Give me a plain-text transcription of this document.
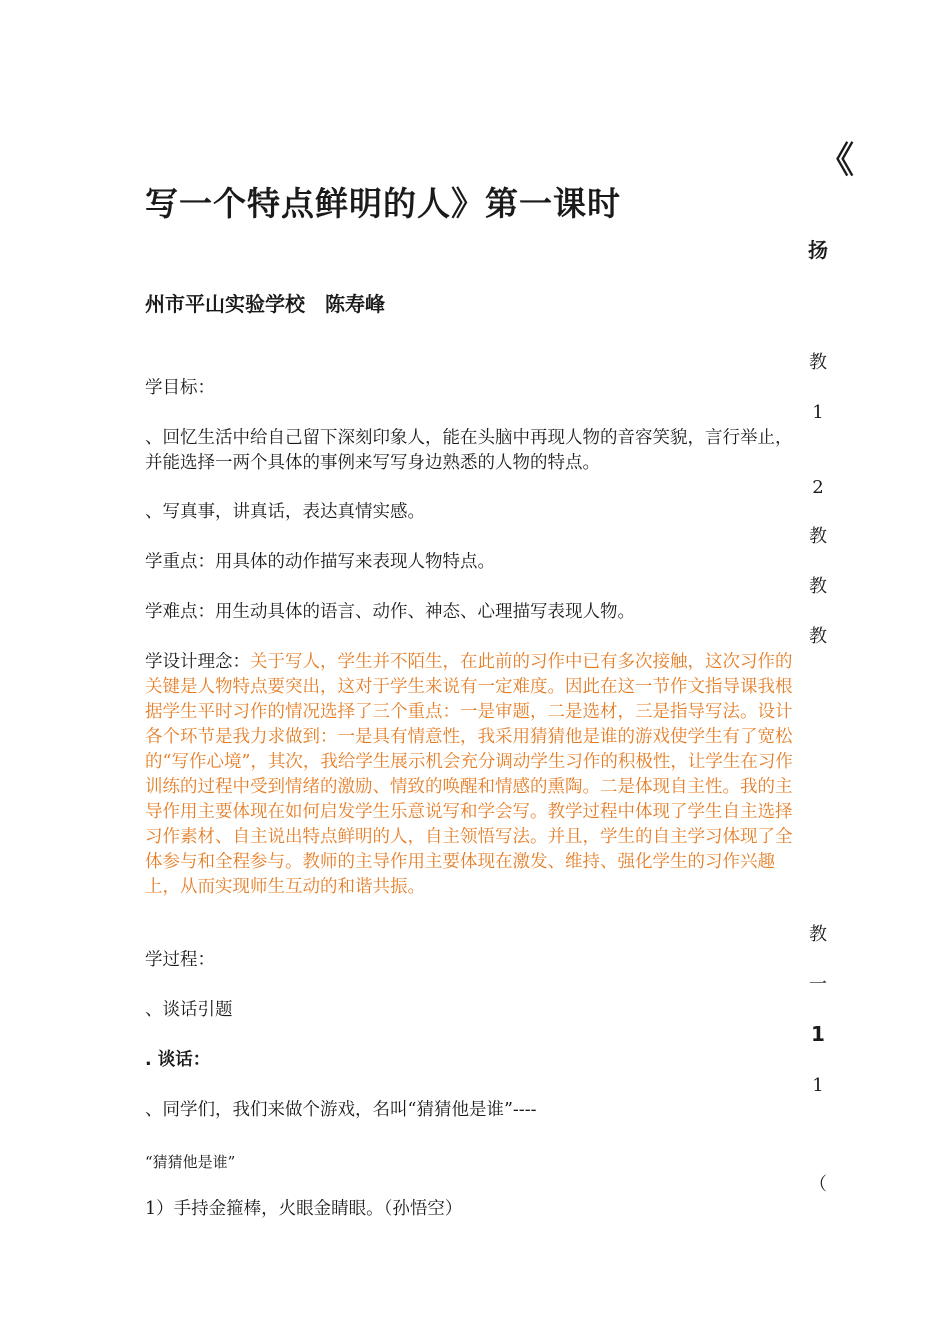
《
写一个特点鲜明的人》第一课时
州市平山实验学校　陈寿峰
扬
教
1
2
教
教
教
教
一
1
1
（
学目标：
、回忆生活中给自己留下深刻印象人，能在头脑中再现人物的音容笑貌，言行举止，并能选择一两个具体的事例来写写身边熟悉的人物的特点。
、写真事，讲真话，表达真情实感。
学重点：用具体的动作描写来表现人物特点。
学难点：用生动具体的语言、动作、神态、心理描写表现人物。
学设计理念：关于写人，学生并不陌生，在此前的习作中已有多次接触，这次习作的关键是人物特点要突出，这对于学生来说有一定难度。因此在这一节作文指导课我根据学生平时习作的情况选择了三个重点：一是审题，二是选材，三是指导写法。设计各个环节是我力求做到：一是具有情意性，我采用猜猜他是谁的游戏使学生有了宽松的“写作心境”，其次，我给学生展示机会充分调动学生习作的积极性，让学生在习作训练的过程中受到情绪的激励、情致的唤醒和情感的熏陶。二是体现自主性。我的主导作用主要体现在如何启发学生乐意说写和学会写。教学过程中体现了学生自主选择习作素材、自主说出特点鲜明的人，自主领悟写法。并且，学生的自主学习体现了全体参与和全程参与。教师的主导作用主要体现在激发、维持、强化学生的习作兴趣上，从而实现师生互动的和谐共振。
学过程：
、谈话引题
. 谈话：
、同学们，我们来做个游戏，名叫“猜猜他是谁”----
“猜猜他是谁”
1）手持金箍棒，火眼金睛眼。（孙悟空）
